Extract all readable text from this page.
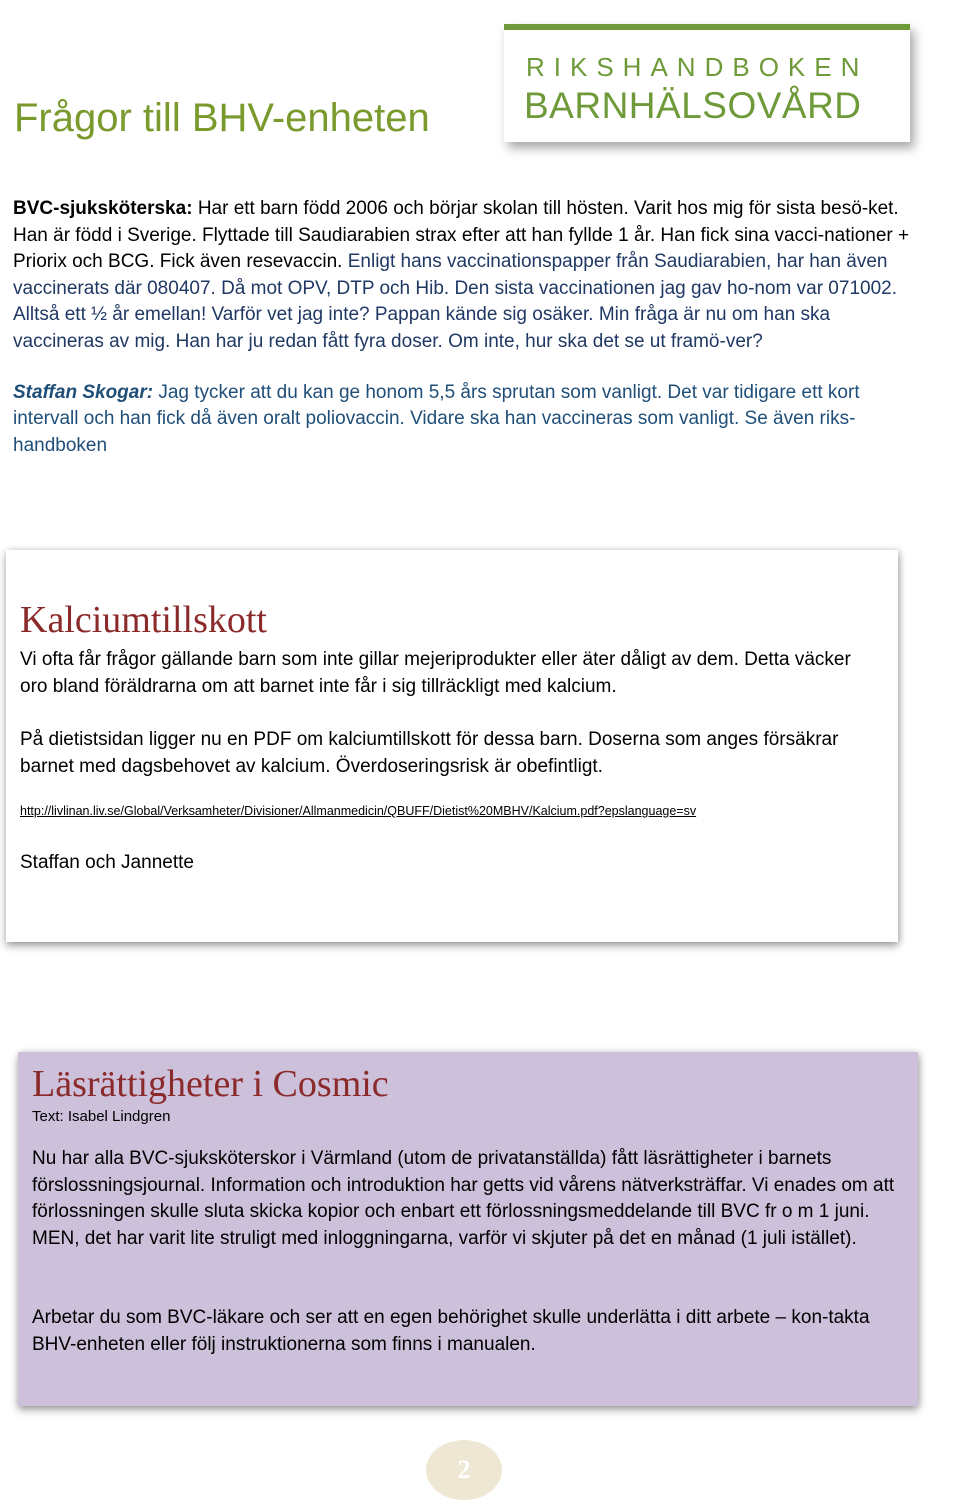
Frågor till BHV-enheten

RIKSHANDBOKEN

BARNHÄLSOVÅRD

BVC-sjuksköterska: Har ett barn född 2006 och börjar skolan till hösten. Varit hos mig för sista besö-ket. Han är född i Sverige. Flyttade till Saudiarabien strax efter att han fyllde 1 år. Han fick sina vacci-nationer + Priorix och BCG. Fick även resevaccin. Enligt hans vaccinationspapper från Saudiarabien, har han även vaccinerats där 080407. Då mot OPV, DTP och Hib. Den sista vaccinationen jag gav ho-nom var 071002. Alltså ett ½ år emellan! Varför vet jag inte? Pappan kände sig osäker. Min fråga är nu om han ska vaccineras av mig. Han har ju redan fått fyra doser. Om inte, hur ska det se ut framö-ver?

Staffan Skogar: Jag tycker att du kan ge honom 5,5 års sprutan som vanligt. Det var tidigare ett kort intervall och han fick då även oralt poliovaccin. Vidare ska han vaccineras som vanligt. Se även riks-handboken

Kalciumtillskott

Vi ofta får frågor gällande barn som inte gillar mejeriprodukter eller äter dåligt av dem. Detta väcker oro bland föräldrarna om att barnet inte får i sig tillräckligt med kalcium.

På dietistsidan ligger nu en PDF om kalciumtillskott för dessa barn. Doserna som anges försäkrar barnet med dagsbehovet av kalcium. Överdoseringsrisk är obefintligt.

http://livlinan.liv.se/Global/Verksamheter/Divisioner/Allmanmedicin/QBUFF/Dietist%20MBHV/Kalcium.pdf?epslanguage=sv

Staffan och Jannette

Läsrättigheter i Cosmic

Text: Isabel Lindgren

Nu har alla BVC-sjuksköterskor i Värmland (utom de privatanställda) fått läsrättigheter i barnets förslossningsjournal. Information och introduktion har getts vid vårens nätverksträffar. Vi enades om att förlossningen skulle sluta skicka kopior och enbart ett förlossningsmeddelande till BVC fr o m 1 juni. MEN, det har varit lite struligt med inloggningarna, varför vi skjuter på det en månad (1 juli istället).

Arbetar du som BVC-läkare och ser att en egen behörighet skulle underlätta i ditt arbete – kon-takta BHV-enheten eller följ instruktionerna som finns i manualen.

2
